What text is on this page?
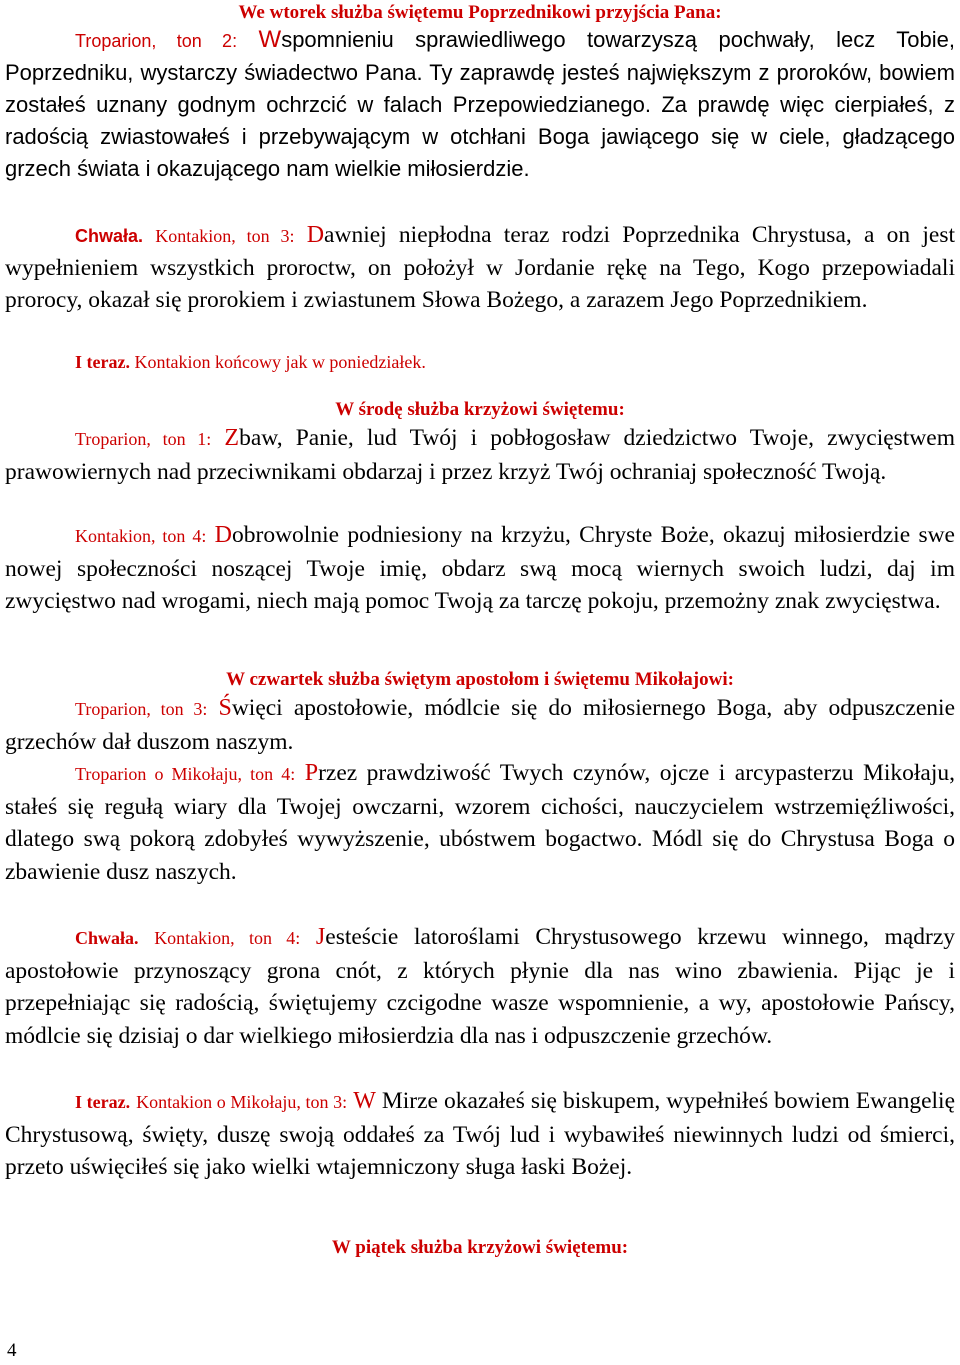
We wtorek służba świętemu Poprzednikowi przyjścia Pana:

Troparion, ton 2: Wspomnieniu sprawiedliwego towarzyszą pochwały, lecz Tobie, Poprzedniku, wystarczy świadectwo Pana. Ty zaprawdę jesteś największym z proroków, bowiem zostałeś uznany godnym ochrzcić w falach Przepowiedzianego. Za prawdę więc cierpiałeś, z radością zwiastowałeś i przebywającym w otchłani Boga jawiącego się w ciele, gładzącego grzech świata i okazującego nam wielkie miłosierdzie.

Chwała. Kontakion, ton 3: Dawniej niepłodna teraz rodzi Poprzednika Chrystusa, a on jest wypełnieniem wszystkich proroctw, on położył w Jordanie rękę na Tego, Kogo przepowiadali prorocy, okazał się prorokiem i zwiastunem Słowa Bożego, a zarazem Jego Poprzednikiem.

I teraz. Kontakion końcowy jak w poniedziałek.

W środę służba krzyżowi świętemu:

Troparion, ton 1: Zbaw, Panie, lud Twój i pobłogosław dziedzictwo Twoje, zwycięstwem prawowiernych nad przeciwnikami obdarzaj i przez krzyż Twój ochraniaj społeczność Twoją.

Kontakion, ton 4: Dobrowolnie podniesiony na krzyżu, Chryste Boże, okazuj miłosierdzie swe nowej społeczności noszącej Twoje imię, obdarz swą mocą wiernych swoich ludzi, daj im zwycięstwo nad wrogami, niech mają pomoc Twoją za tarczę pokoju, przemożny znak zwycięstwa.

W czwartek służba świętym apostołom i świętemu Mikołajowi:

Troparion, ton 3: Święci apostołowie, módlcie się do miłosiernego Boga, aby odpuszczenie grzechów dał duszom naszym.

Troparion o Mikołaju, ton 4: Przez prawdziwość Twych czynów, ojcze i arcypasterzu Mikołaju, stałeś się regułą wiary dla Twojej owczarni, wzorem cichości, nauczycielem wstrzemięźliwości, dlatego swą pokorą zdobyłeś wywyższenie, ubóstwem bogactwo. Módl się do Chrystusa Boga o zbawienie dusz naszych.

Chwała. Kontakion, ton 4: Jesteście latoroślami Chrystusowego krzewu winnego, mądrzy apostołowie przynoszący grona cnót, z których płynie dla nas wino zbawienia. Pijąc je i przepełniając się radością, świętujemy czcigodne wasze wspomnienie, a wy, apostołowie Pańscy, módlcie się dzisiaj o dar wielkiego miłosierdzia dla nas i odpuszczenie grzechów.

I teraz. Kontakion o Mikołaju, ton 3: W Mirze okazałeś się biskupem, wypełniłeś bowiem Ewangelię Chrystusową, święty, duszę swoją oddałeś za Twój lud i wybawiłeś niewinnych ludzi od śmierci, przeto uświęciłeś się jako wielki wtajemniczony sługa łaski Bożej.

W piątek służba krzyżowi świętemu:

4
